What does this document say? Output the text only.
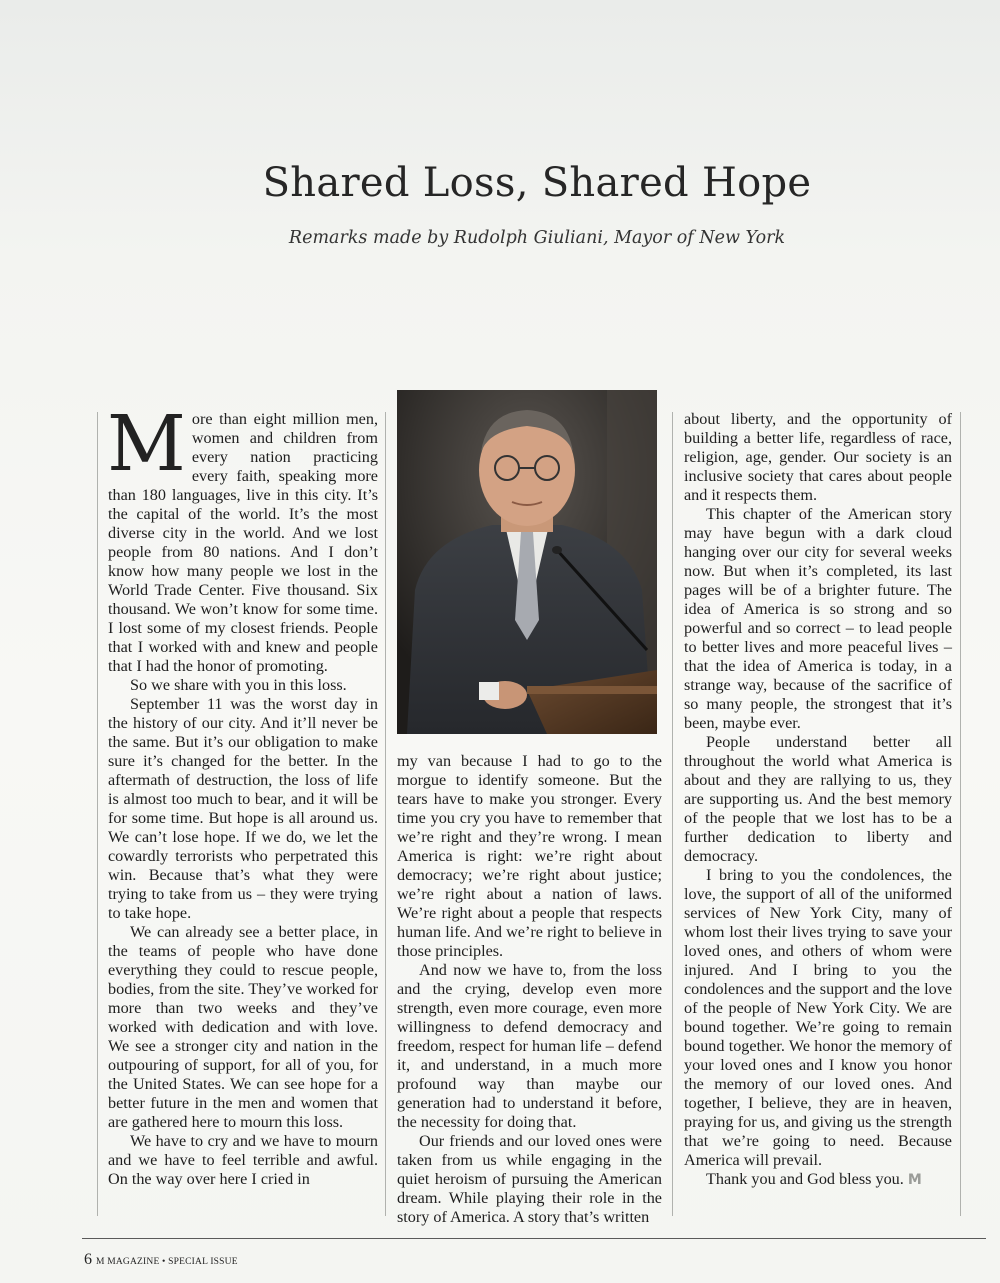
Shared Loss, Shared Hope
Remarks made by Rudolph Giuliani, Mayor of New York

More than eight million men, women and children from every nation practicing every faith, speaking more than 180 languages, live in this city. It’s the capital of the world. It’s the most diverse city in the world. And we lost people from 80 nations. And I don’t know how many people we lost in the World Trade Center. Five thousand. Six thousand. We won’t know for some time. I lost some of my closest friends. People that I worked with and knew and people that I had the honor of promoting.

So we share with you in this loss.

September 11 was the worst day in the history of our city. And it’ll never be the same. But it’s our obligation to make sure it’s changed for the better. In the aftermath of destruction, the loss of life is almost too much to bear, and it will be for some time. But hope is all around us. We can’t lose hope. If we do, we let the cowardly terrorists who perpetrated this win. Because that’s what they were trying to take from us – they were trying to take hope.

We can already see a better place, in the teams of people who have done everything they could to rescue people, bodies, from the site. They’ve worked for more than two weeks and they’ve worked with dedication and with love. We see a stronger city and nation in the outpouring of support, for all of you, for the United States. We can see hope for a better future in the men and women that are gathered here to mourn this loss.

We have to cry and we have to mourn and we have to feel terrible and awful. On the way over here I cried in

my van because I had to go to the morgue to identify someone. But the tears have to make you stronger. Every time you cry you have to remember that we’re right and they’re wrong. I mean America is right: we’re right about democracy; we’re right about justice; we’re right about a nation of laws. We’re right about a people that respects human life. And we’re right to believe in those principles.

And now we have to, from the loss and the crying, develop even more strength, even more courage, even more willingness to defend democracy and freedom, respect for human life – defend it, and understand, in a much more profound way than maybe our generation had to understand it before, the necessity for doing that.

Our friends and our loved ones were taken from us while engaging in the quiet heroism of pursuing the American dream. While playing their role in the story of America. A story that’s written

about liberty, and the opportunity of building a better life, regardless of race, religion, age, gender. Our society is an inclusive society that cares about people and it respects them.

This chapter of the American story may have begun with a dark cloud hanging over our city for several weeks now. But when it’s completed, its last pages will be of a brighter future. The idea of America is so strong and so powerful and so correct – to lead people to better lives and more peaceful lives – that the idea of America is today, in a strange way, because of the sacrifice of so many people, the strongest that it’s been, maybe ever.

People understand better all throughout the world what America is about and they are rallying to us, they are supporting us. And the best memory of the people that we lost has to be a further dedication to liberty and democracy.

I bring to you the condolences, the love, the support of all of the uniformed services of New York City, many of whom lost their lives trying to save your loved ones, and others of whom were injured. And I bring to you the condolences and the support and the love of the people of New York City. We are bound together. We’re going to remain bound together. We honor the memory of your loved ones and I know you honor the memory of our loved ones. And together, I believe, they are in heaven, praying for us, and giving us the strength that we’re going to need. Because America will prevail.

Thank you and God bless you. M

6 M MAGAZINE • SPECIAL ISSUE
